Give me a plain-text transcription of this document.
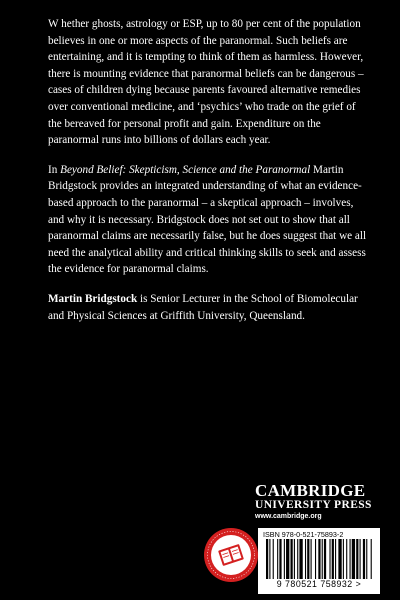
W hether ghosts, astrology or ESP, up to 80 per cent of the population believes in one or more aspects of the paranormal. Such beliefs are entertaining, and it is tempting to think of them as harmless. However, there is mounting evidence that paranormal beliefs can be dangerous – cases of children dying because parents favoured alternative remedies over conventional medicine, and ‘psychics’ who trade on the grief of the bereaved for personal profit and gain. Expenditure on the paranormal runs into billions of dollars each year.

In Beyond Belief: Skepticism, Science and the Paranormal Martin Bridgstock provides an integrated understanding of what an evidence-based approach to the paranormal – a skeptical approach – involves, and why it is necessary. Bridgstock does not set out to show that all paranormal claims are necessarily false, but he does suggest that we all need the analytical ability and critical thinking skills to seek and assess the evidence for paranormal claims.

Martin Bridgstock is Senior Lecturer in the School of Biomolecular and Physical Sciences at Griffith University, Queensland.

CAMBRIDGE
UNIVERSITY PRESS
www.cambridge.org
ISBN 978-0-521-75893-2
9 780521 758932 >
